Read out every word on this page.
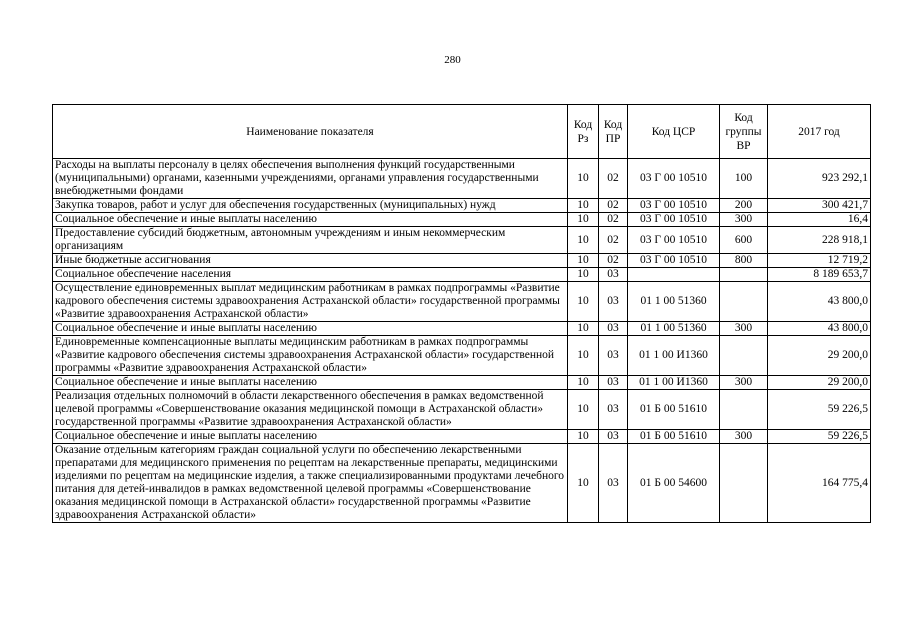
280
Наименование показателя	Код Рз	Код ПР	Код ЦСР	Код группы ВР	2017 год
Расходы на выплаты персоналу в целях обеспечения выполнения функций государственными (муниципальными) органами, казенными учреждениями, органами управления государственными внебюджетными фондами	10	02	03 Г 00 10510	100	923 292,1
Закупка товаров, работ и услуг для обеспечения государственных (муниципальных) нужд	10	02	03 Г 00 10510	200	300 421,7
Социальное обеспечение и иные выплаты населению	10	02	03 Г 00 10510	300	16,4
Предоставление субсидий бюджетным, автономным учреждениям и иным некоммерческим организациям	10	02	03 Г 00 10510	600	228 918,1
Иные бюджетные ассигнования	10	02	03 Г 00 10510	800	12 719,2
Социальное обеспечение населения	10	03			8 189 653,7
Осуществление единовременных выплат медицинским работникам в рамках подпрограммы «Развитие кадрового обеспечения системы здравоохранения Астраханской области» государственной программы «Развитие здравоохранения Астраханской области»	10	03	01 1 00 51360		43 800,0
Социальное обеспечение и иные выплаты населению	10	03	01 1 00 51360	300	43 800,0
Единовременные компенсационные выплаты медицинским работникам в рамках подпрограммы «Развитие кадрового обеспечения системы здравоохранения Астраханской области» государственной программы «Развитие здравоохранения Астраханской области»	10	03	01 1 00 И1360		29 200,0
Социальное обеспечение и иные выплаты населению	10	03	01 1 00 И1360	300	29 200,0
Реализация отдельных полномочий в области лекарственного обеспечения в рамках ведомственной целевой программы «Совершенствование оказания медицинской помощи в Астраханской области» государственной программы «Развитие здравоохранения Астраханской области»	10	03	01 Б 00 51610		59 226,5
Социальное обеспечение и иные выплаты населению	10	03	01 Б 00 51610	300	59 226,5
Оказание отдельным категориям граждан социальной услуги по обеспечению лекарственными препаратами для медицинского применения по рецептам на лекарственные препараты, медицинскими изделиями по рецептам на медицинские изделия, а также специализированными продуктами лечебного питания для детей-инвалидов в рамках ведомственной целевой программы «Совершенствование оказания медицинской помощи в Астраханской области» государственной программы «Развитие здравоохранения Астраханской области»	10	03	01 Б 00 54600		164 775,4
